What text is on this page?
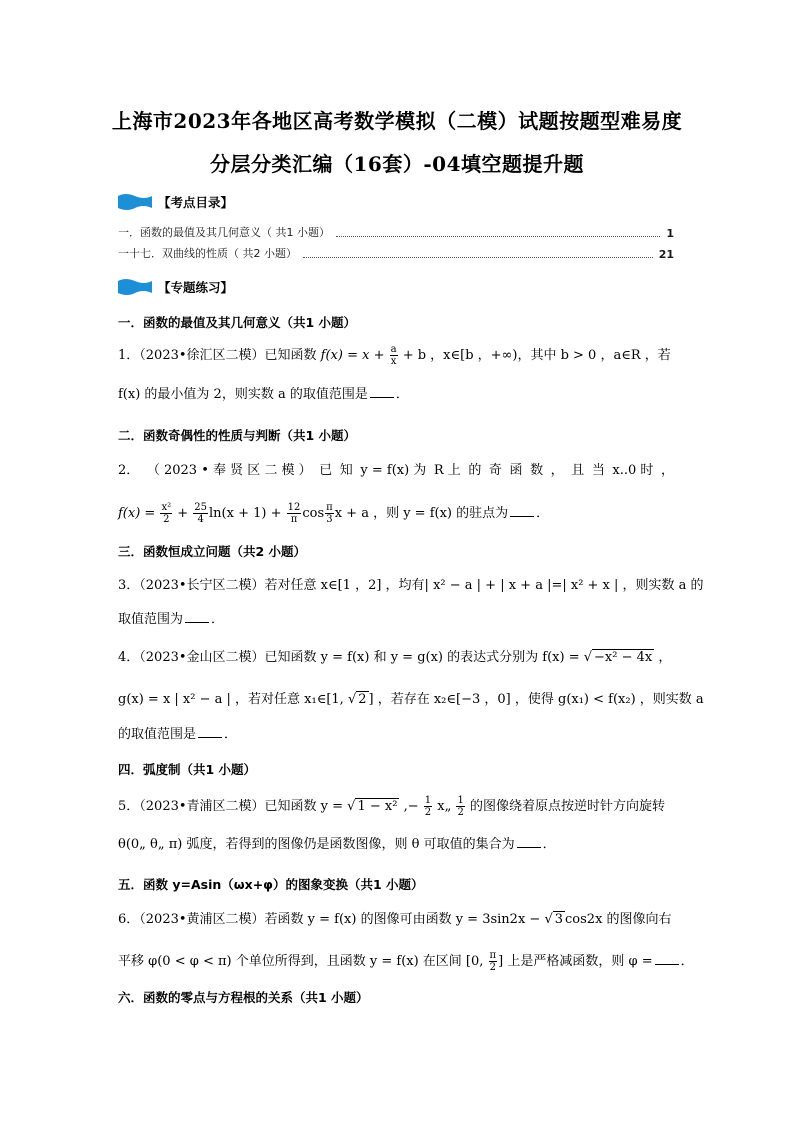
上海市2023年各地区高考数学模拟（二模）试题按题型难易度
分层分类汇编（16套）-04填空题提升题
【考点目录】
一．函数的最值及其几何意义（ 共1 小题）	1
一十七．双曲线的性质（ 共2 小题）	21
【专题练习】
一．函数的最值及其几何意义（共1 小题）
1．（2023•徐汇区二模）已知函数 $f(x) = x + \frac{a}{x} + b$ ，x∈[b ，+∞)，其中 b > 0 ，a∈R ，若
f(x) 的最小值为 2，则实数 a 的取值范围是 ．
二．函数奇偶性的性质与判断（共1 小题）
2． （ 2023 • 奉 贤 区 二 模 ） 已 知 y = f(x) 为 R 上 的 奇 函 数 ， 且 当 x..0 时 ，
$f(x) = \frac{\text{x²}}{2} + \frac{25}{4} \ln(x + 1) + \frac{12}{\pi}$ $\cos \frac{\pi}{3}$ x + a ，则 y = f(x) 的驻点为 ．
三．函数恒成立问题（共2 小题）
3．（2023•长宁区二模）若对任意 x∈[1 ，2] ，均有| x² − a | + | x + a |=| x² + x | ，则实数 a 的
取值范围为 ．
4．（2023•金山区二模）已知函数 y = f(x) 和 y = g(x) 的表达式分别为 f(x) = √ −x² − 4x ，
g(x) = x | x² − a | ，若对任意 x₁∈[1, √ 2 ] ，若存在 x₂∈[−3 ，0] ，使得 g(x₁) < f(x₂) ，则实数 a
的取值范围是 ．
四．弧度制（共1 小题）
5．（2023•青浦区二模）已知函数 y = √ 1 − x² ,− $\frac{1}{2}$ x„ $\frac{1}{2}$ 的图像绕着原点按逆时针方向旋转
θ(0„ θ„ π) 弧度，若得到的图像仍是函数图像，则 θ 可取值的集合为 ．
五．函数 y=Asin（ωx+φ）的图象变换（共1 小题）
6．（2023•黄浦区二模）若函数 y = f(x) 的图像可由函数 y = 3sin2x − √ 3 cos2x 的图像向右
平移 φ(0 < φ < π) 个单位所得到，且函数 y = f(x) 在区间 [0, $\frac{\pi}{2}$ ] 上是严格减函数，则 φ = ．
六．函数的零点与方程根的关系（共1 小题）
